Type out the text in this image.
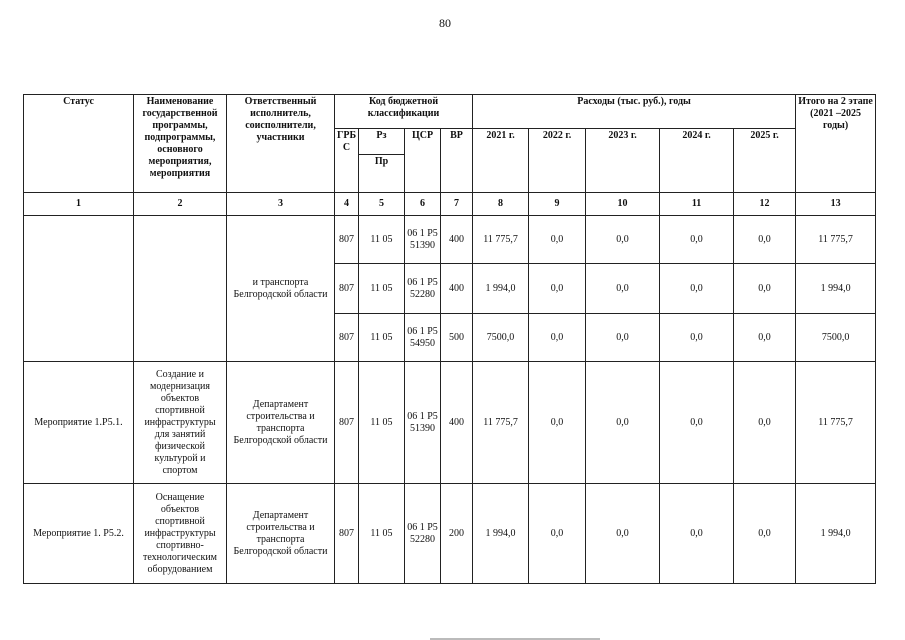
80
Статус	Наименование государственной программы, подпрограммы, основного мероприятия, мероприятия	Ответственный исполнитель, соисполнители, участники	Код бюджетной классификации				Расходы (тыс. руб.), годы					Итого на 2 этапе (2021 –2025 годы)
			ГРБ С	Рз	ЦСР	ВР	2021 г.	2022 г.	2023 г.	2024 г.	2025 г.	
				Пр								
1	2	3	4	5	6	7	8	9	10	11	12	13
		и транспорта Белгородской области	807	11 05	06 1 P5 51390	400	11 775,7	0,0	0,0	0,0	0,0	11 775,7
			807	11 05	06 1 P5 52280	400	1 994,0	0,0	0,0	0,0	0,0	1 994,0
			807	11 05	06 1 P5 54950	500	7500,0	0,0	0,0	0,0	0,0	7500,0
Мероприятие 1.P5.1.	Создание и модернизация объектов спортивной инфраструктуры для занятий физической культурой и спортом	Департамент строительства и транспорта Белгородской области	807	11 05	06 1 P5 51390	400	11 775,7	0,0	0,0	0,0	0,0	11 775,7
Мероприятие 1. P5.2.	Оснащение объектов спортивной инфраструктуры спортивно-технологическим оборудованием	Департамент строительства и транспорта Белгородской области	807	11 05	06 1 P5 52280	200	1 994,0	0,0	0,0	0,0	0,0	1 994,0
